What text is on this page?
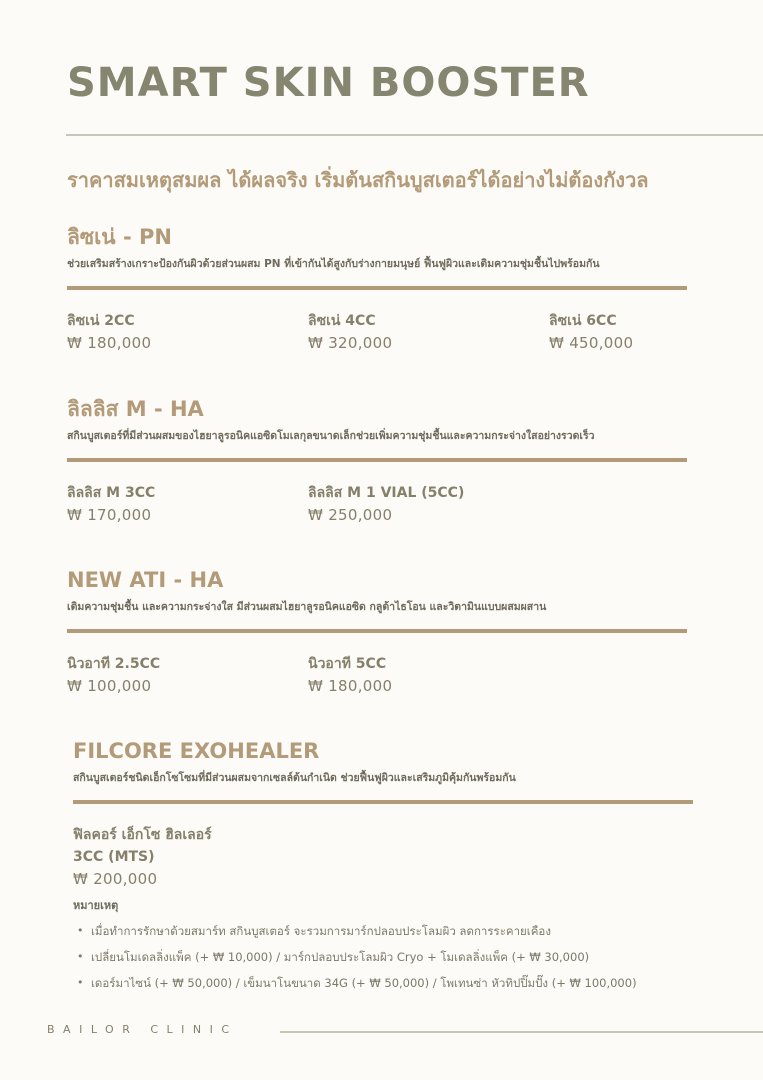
SMART SKIN BOOSTER
ราคาสมเหตุสมผล ได้ผลจริง เริ่มต้นสกินบูสเตอร์ได้อย่างไม่ต้องกังวล
ลิซเน่ - PN
ช่วยเสริมสร้างเกราะป้องกันผิวด้วยส่วนผสม PN ที่เข้ากันได้สูงกับร่างกายมนุษย์ ฟื้นฟูผิวและเติมความชุ่มชื้นไปพร้อมกัน
ลิซเน่ 2CC
₩ 180,000
ลิซเน่ 4CC
₩ 320,000
ลิซเน่ 6CC
₩ 450,000
ลิลลิส M - HA
สกินบูสเตอร์ที่มีส่วนผสมของไฮยาลูรอนิคแอซิดโมเลกุลขนาดเล็กช่วยเพิ่มความชุ่มชื้นและความกระจ่างใสอย่างรวดเร็ว
ลิลลิส M 3CC
₩ 170,000
ลิลลิส M 1 VIAL (5CC)
₩ 250,000
NEW ATI - HA
เติมความชุ่มชื้น และความกระจ่างใส มีส่วนผสมไฮยาลูรอนิคแอซิด กลูต้าไธโอน และวิตามินแบบผสมผสาน
นิวอาที 2.5CC
₩ 100,000
นิวอาที 5CC
₩ 180,000
FILCORE EXOHEALER
สกินบูสเตอร์ชนิดเอ็กโซโซมที่มีส่วนผสมจากเซลล์ต้นกำเนิด ช่วยฟื้นฟูผิวและเสริมภูมิคุ้มกันพร้อมกัน
ฟิลคอร์ เอ็กโซ ฮิลเลอร์
3CC (MTS)
₩ 200,000
หมายเหตุ
• เมื่อทำการรักษาด้วยสมาร์ท สกินบูสเตอร์ จะรวมการมาร์กปลอบประโลมผิว ลดการระคายเคือง
• เปลี่ยนโมเดลลิ่งแพ็ค (+ ₩ 10,000) / มาร์กปลอบประโลมผิว Cryo + โมเดลลิ่งแพ็ค (+ ₩ 30,000)
• เดอร์มาไซน์ (+ ₩ 50,000) / เข็มนาโนขนาด 34G (+ ₩ 50,000) / โพเทนซ่า หัวทิปปิ๊มปั๊ง (+ ₩ 100,000)
BAILOR CLINIC
